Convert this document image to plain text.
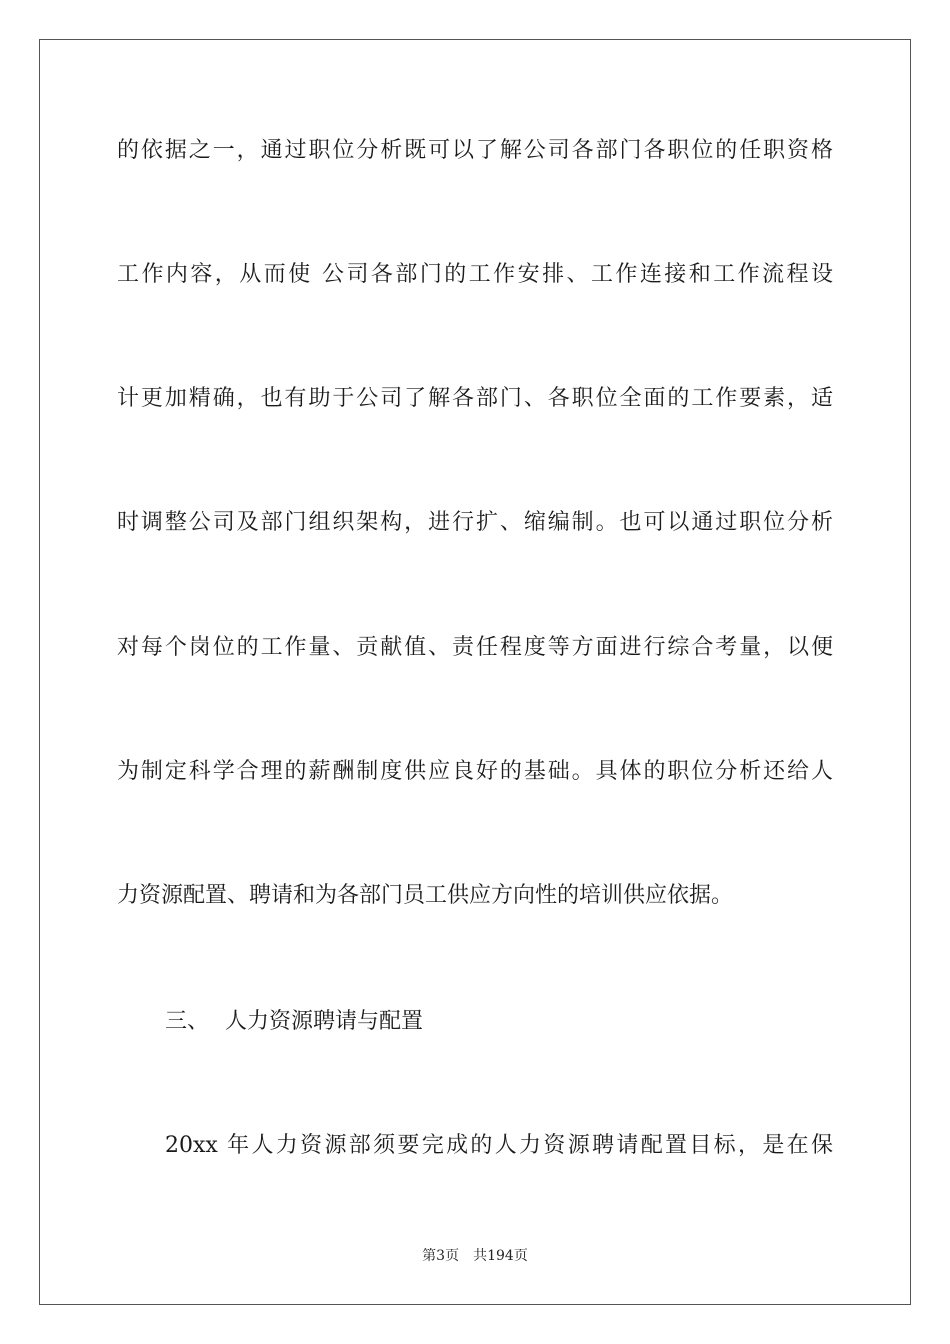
的依据之一，通过职位分析既可以了解公司各部门各职位的任职资格
工作内容，从而使 公司各部门的工作安排、工作连接和工作流程设
计更加精确，也有助于公司了解各部门、各职位全面的工作要素，适
时调整公司及部门组织架构，进行扩、缩编制。也可以通过职位分析
对每个岗位的工作量、贡献值、责任程度等方面进行综合考量，以便
为制定科学合理的薪酬制度供应良好的基础。具体的职位分析还给人
力资源配置、聘请和为各部门员工供应方向性的培训供应依据。
三、 人力资源聘请与配置
20xx 年人力资源部须要完成的人力资源聘请配置目标，是在保
第3页 共194页
